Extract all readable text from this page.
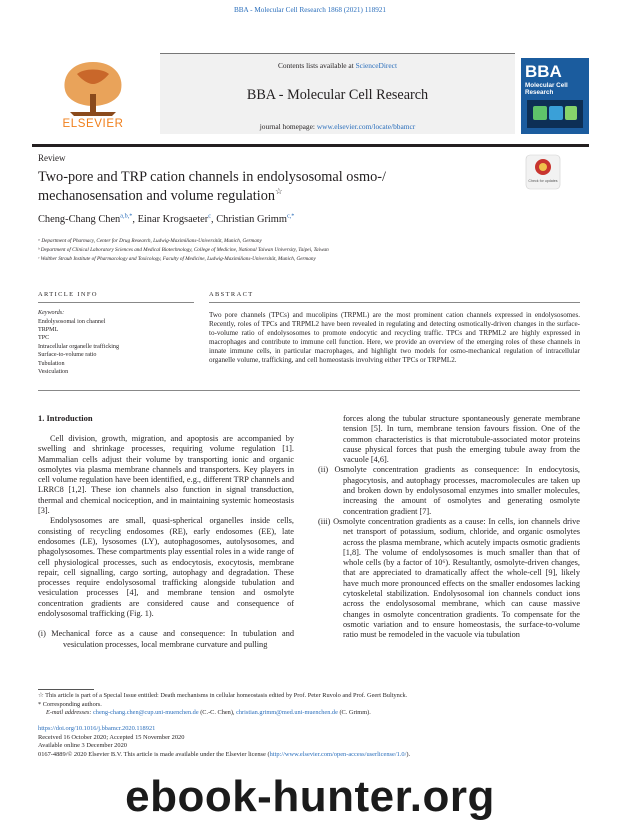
BBA - Molecular Cell Research 1868 (2021) 118921
Contents lists available at ScienceDirect
BBA - Molecular Cell Research
journal homepage: www.elsevier.com/locate/bbamcr
ELSEVIER
BBA
Molecular Cell Research
Review
Two-pore and TRP cation channels in endolysosomal osmo-/
mechanosensation and volume regulation☆
Check for updates
Cheng-Chang Chen$^{a,b,*}$, Einar Krogsaeter$^c$, Christian Grimm$^{c,*}$
ᵃ Department of Pharmacy, Center for Drug Research, Ludwig-Maximilians-Universität, Munich, Germany
ᵇ Department of Clinical Laboratory Sciences and Medical Biotechnology, College of Medicine, National Taiwan University, Taipei, Taiwan
ᶜ Walther Straub Institute of Pharmacology and Toxicology, Faculty of Medicine, Ludwig-Maximilians-Universität, Munich, Germany
ARTICLE INFO	ABSTRACT
Keywords:
Endolysosomal ion channel
TRPML
TPC
Intracellular organelle trafficking
Surface-to-volume ratio
Tubulation
Vesiculation
Two pore channels (TPCs) and mucolipins (TRPML) are the most prominent cation channels expressed in endolysosomes. Recently, roles of TPCs and TRPML2 have been revealed in regulating and detecting osmotically-driven changes in the surface-to-volume ratio of endolysosomes to promote endocytic and recycling traffic. TPCs and TRPML2 are highly expressed in macrophages and contribute to immune cell function. Here, we provide an overview of the emerging roles of these channels in innate immune cells, in particular macrophages, and highlight two models for osmo-mechanical regulation of intracellular organelle volume, trafficking, and cell homeostasis involving either TPCs or TRPML2.
1. Introduction

Cell division, growth, migration, and apoptosis are accompanied by swelling and shrinkage processes, requiring volume regulation [1]. Mammalian cells adjust their volume by transporting ionic and organic osmolytes via plasma membrane channels and transporters. Key players in cell volume regulation have been identified, e.g., different TRP channels and LRRC8 [1,2]. These ion channels also function in signal transduction, thermal and chemical nociception, and in maintaining systemic homeostasis [3].

Endolysosomes are small, quasi-spherical organelles inside cells, consisting of recycling endosomes (RE), early endosomes (EE), late endosomes (LE), lysosomes (LY), autophagosomes, autolysosomes, and phagolysosomes. These compartments play essential roles in a wide range of cell physiological processes, such as endocytosis, exocytosis, membrane repair, cell signalling, cargo sorting, autophagy and degradation. These processes require endolysosomal trafficking alongside tubulation and vesiculation processes [4], and membrane tension and osmolyte concentration gradients are considered cause and consequence of endolysosomal trafficking (Fig. 1).

(i) Mechanical force as a cause and consequence: In tubulation and vesiculation processes, local membrane curvature and pulling

forces along the tubular structure spontaneously generate membrane tension [5]. In turn, membrane tension favours fission. One of the common characteristics is that microtubule-associated motor proteins cause physical forces that push the emerging tubule away from the vacuole [4,6].

(ii) Osmolyte concentration gradients as consequence: In endocytosis, phagocytosis, and autophagy processes, macromolecules are taken up and broken down by endolysosomal enzymes into smaller molecules, increasing the amount of osmolytes and generating osmolyte concentration gradient [7].

(iii) Osmolyte concentration gradients as a cause: In cells, ion channels drive net transport of potassium, sodium, chloride, and organic osmolytes across the plasma membrane, which acutely impacts osmotic gradients [1,8]. The volume of endolysosomes is much smaller than that of whole cells (by a factor of 10⁶). Resultantly, osmolyte-driven changes, that are appreciated to dramatically affect the whole-cell [9], likely have much more pronounced effects on the smaller endosomes lacking cytoskeletal stabilization. Endolysosomal ion channels conduct ions across the endolysosomal membrane, which can cause massive changes in osmolyte concentration gradients. To compensate for the osmotic variation and to ensure homeostasis, the surface-to-volume ratio must be remodeled in the vacuole via tubulation

☆ This article is part of a Special Issue entitled: Death mechanisms in cellular homeostasis edited by Prof. Peter Ruvolo and Prof. Geert Bultynck.
* Corresponding authors.
E-mail addresses: cheng-chang.chen@cup.uni-muenchen.de (C.-C. Chen), christian.grimm@med.uni-muenchen.de (C. Grimm).
https://doi.org/10.1016/j.bbamcr.2020.118921
Received 16 October 2020; Accepted 15 November 2020
Available online 3 December 2020
0167-4889/© 2020 Elsevier B.V. This article is made available under the Elsevier license (http://www.elsevier.com/open-access/userlicense/1.0/).
ebook-hunter.org
